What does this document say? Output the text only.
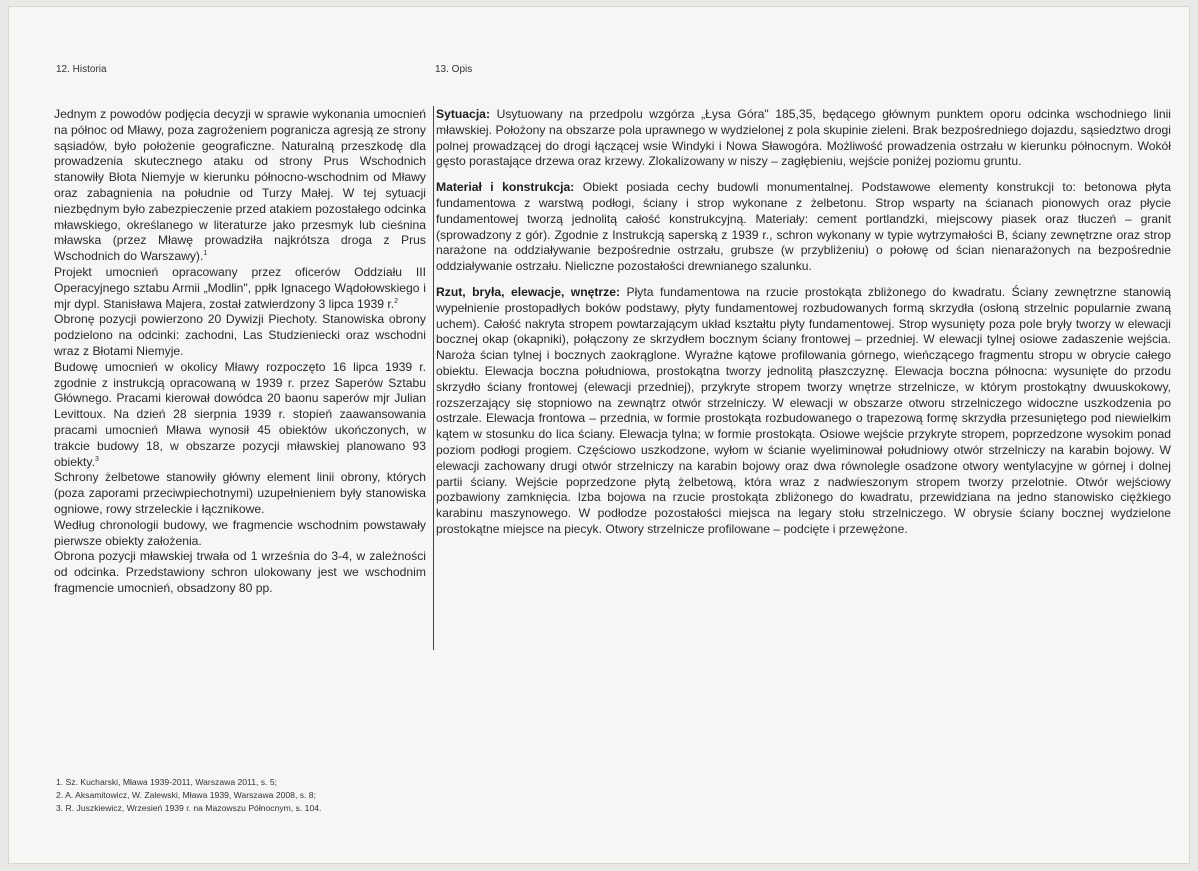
12. Historia	13. Opis

Jednym z powodów podjęcia decyzji w sprawie wykonania umocnień na północ od Mławy, poza zagrożeniem pogranicza agresją ze strony sąsiadów, było położenie geograficzne. Naturalną przeszkodę dla prowadzenia skutecznego ataku od strony Prus Wschodnich stanowiły Błota Niemyje w kierunku północno-wschodnim od Mławy oraz zabagnienia na południe od Turzy Małej. W tej sytuacji niezbędnym było zabezpieczenie przed atakiem pozostałego odcinka mławskiego, określanego w literaturze jako przesmyk lub cieśnina mławska (przez Mławę prowadziła najkrótsza droga z Prus Wschodnich do Warszawy).$^1$

Projekt umocnień opracowany przez oficerów Oddziału III Operacyjnego sztabu Armii „Modlin", ppłk Ignacego Wądołowskiego i mjr dypl. Stanisława Majera, został zatwierdzony 3 lipca 1939 r.$^2$

Obronę pozycji powierzono 20 Dywizji Piechoty. Stanowiska obrony podzielono na odcinki: zachodni, Las Studzieniecki oraz wschodni wraz z Błotami Niemyje.

Budowę umocnień w okolicy Mławy rozpoczęto 16 lipca 1939 r. zgodnie z instrukcją opracowaną w 1939 r. przez Saperów Sztabu Głównego. Pracami kierował dowódca 20 baonu saperów mjr Julian Levittoux. Na dzień 28 sierpnia 1939 r. stopień zaawansowania pracami umocnień Mława wynosił 45 obiektów ukończonych, w trakcie budowy 18, w obszarze pozycji mławskiej planowano 93 obiekty.$^3$

Schrony żelbetowe stanowiły główny element linii obrony, których (poza zaporami przeciwpiechotnymi) uzupełnieniem były stanowiska ogniowe, rowy strzeleckie i łącznikowe.

Według chronologii budowy, we fragmencie wschodnim powstawały pierwsze obiekty założenia.

Obrona pozycji mławskiej trwała od 1 września do 3-4, w zależności od odcinka. Przedstawiony schron ulokowany jest we wschodnim fragmencie umocnień, obsadzony 80 pp.

Sytuacja: Usytuowany na przedpolu wzgórza „Łysa Góra" 185,35, będącego głównym punktem oporu odcinka wschodniego linii mławskiej. Położony na obszarze pola uprawnego w wydzielonej z pola skupinie zieleni. Brak bezpośredniego dojazdu, sąsiedztwo drogi polnej prowadzącej do drogi łączącej wsie Windyki i Nowa Sławogóra. Możliwość prowadzenia ostrzału w kierunku północnym. Wokół gęsto porastające drzewa oraz krzewy. Zlokalizowany w niszy – zagłębieniu, wejście poniżej poziomu gruntu.

Materiał i konstrukcja: Obiekt posiada cechy budowli monumentalnej. Podstawowe elementy konstrukcji to: betonowa płyta fundamentowa z warstwą podłogi, ściany i strop wykonane z żelbetonu. Strop wsparty na ścianach pionowych oraz płycie fundamentowej tworzą jednolitą całość konstrukcyjną. Materiały: cement portlandzki, miejscowy piasek oraz tłuczeń – granit (sprowadzony z gór). Zgodnie z Instrukcją saperską z 1939 r., schron wykonany w typie wytrzymałości B, ściany zewnętrzne oraz strop narażone na oddziaływanie bezpośrednie ostrzału, grubsze (w przybliżeniu) o połowę od ścian nienarażonych na bezpośrednie oddziaływanie ostrzału. Nieliczne pozostałości drewnianego szalunku.

Rzut, bryła, elewacje, wnętrze: Płyta fundamentowa na rzucie prostokąta zbliżonego do kwadratu. Ściany zewnętrzne stanowią wypełnienie prostopadłych boków podstawy, płyty fundamentowej rozbudowanych formą skrzydła (osłoną strzelnic popularnie zwaną uchem). Całość nakryta stropem powtarzającym układ kształtu płyty fundamentowej. Strop wysunięty poza pole bryły tworzy w elewacji bocznej okap (okapniki), połączony ze skrzydłem bocznym ściany frontowej – przedniej. W elewacji tylnej osiowe zadaszenie wejścia. Naroża ścian tylnej i bocznych zaokrąglone. Wyraźne kątowe profilowania górnego, wieńczącego fragmentu stropu w obrycie całego obiektu. Elewacja boczna południowa, prostokątna tworzy jednolitą płaszczyznę. Elewacja boczna północna: wysunięte do przodu skrzydło ściany frontowej (elewacji przedniej), przykryte stropem tworzy wnętrze strzelnicze, w którym prostokątny dwuuskokowy, rozszerzający się stopniowo na zewnątrz otwór strzelniczy. W elewacji w obszarze otworu strzelniczego widoczne uszkodzenia po ostrzale. Elewacja frontowa – przednia, w formie prostokąta rozbudowanego o trapezową formę skrzydła przesuniętego pod niewielkim kątem w stosunku do lica ściany. Elewacja tylna; w formie prostokąta. Osiowe wejście przykryte stropem, poprzedzone wysokim ponad poziom podłogi progiem. Częściowo uszkodzone, wyłom w ścianie wyeliminował południowy otwór strzelniczy na karabin bojowy. W elewacji zachowany drugi otwór strzelniczy na karabin bojowy oraz dwa równolegle osadzone otwory wentylacyjne w górnej i dolnej partii ściany. Wejście poprzedzone płytą żelbetową, która wraz z nadwieszonym stropem tworzy przelotnie. Otwór wejściowy pozbawiony zamknięcia. Izba bojowa na rzucie prostokąta zbliżonego do kwadratu, przewidziana na jedno stanowisko ciężkiego karabinu maszynowego. W podłodze pozostałości miejsca na legary stołu strzelniczego. W obrysie ściany bocznej wydzielone prostokątne miejsce na piecyk. Otwory strzelnicze profilowane – podcięte i przewężone.

1. Sz. Kucharski, Mława 1939-2011, Warszawa 2011, s. 5;
2. A. Aksamitowicz, W. Zalewski, Mława 1939, Warszawa 2008, s. 8;
3. R. Juszkiewicz, Wrzesień 1939 r. na Mazowszu Północnym, s. 104.
